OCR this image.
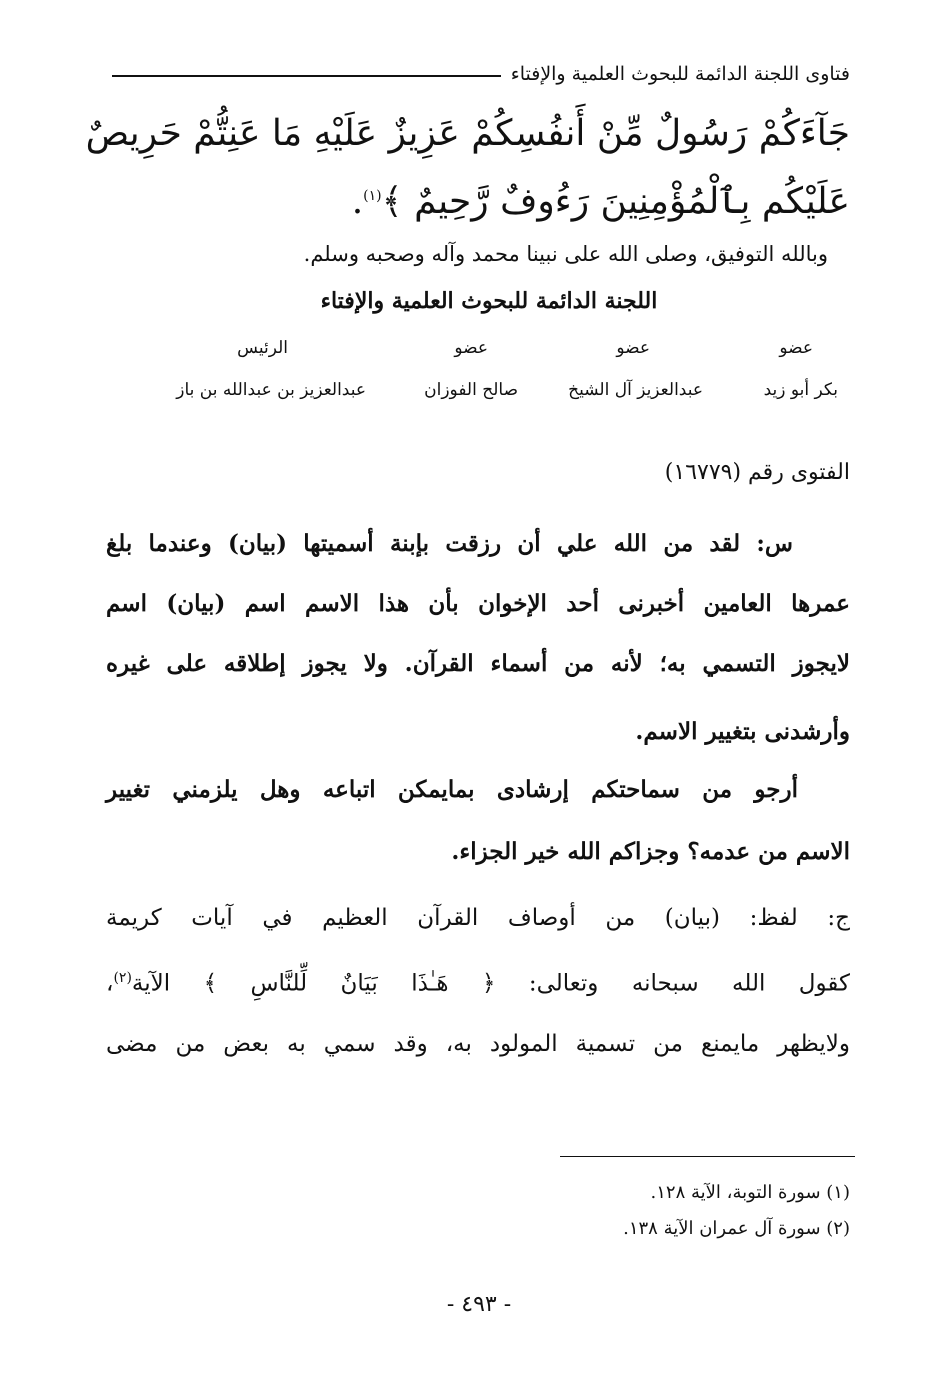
فتاوى اللجنة الدائمة للبحوث العلمية والإفتاء
جَآءَكُمْ رَسُولٌ مِّنْ أَنفُسِكُمْ عَزِيزٌ عَلَيْهِ مَا عَنِتُّمْ حَرِيصٌ
عَلَيْكُم بِٱلْمُؤْمِنِينَ رَءُوفٌ رَّحِيمٌ ﴾$^{(١)}$.
وبالله التوفيق، وصلى الله على نبينا محمد وآله وصحبه وسلم.
اللجنة الدائمة للبحوث العلمية والإفتاء
عضو
عضو
عضو
الرئيس
بكر أبو زيد
عبدالعزيز آل الشيخ
صالح الفوزان
عبدالعزيز بن عبدالله بن باز
الفتوى رقم (١٦٧٧٩)
س: لقد من الله علي أن رزقت بإبنة أسميتها (بيان) وعندما بلغ
عمرها العامين أخبرنى أحد الإخوان بأن هذا الاسم اسم (بيان) اسم
لايجوز التسمي به؛ لأنه من أسماء القرآن. ولا يجوز إطلاقه على غيره
وأرشدنى بتغيير الاسم.
أرجو من سماحتكم إرشادى بمايمكن اتباعه وهل يلزمني تغيير
الاسم من عدمه؟ وجزاكم الله خير الجزاء.
ج: لفظ: (بيان) من أوصاف القرآن العظيم في آيات كريمة
كقول الله سبحانه وتعالى: ﴿ هَـٰذَا بَيَانٌ لِّلنَّاسِ ﴾ الآية$^{(٢)}$،
ولايظهر مايمنع من تسمية المولود به، وقد سمي به بعض من مضى
(١) سورة التوبة، الآية ١٢٨.
(٢) سورة آل عمران الآية ١٣٨.
- ٤٩٣ -
